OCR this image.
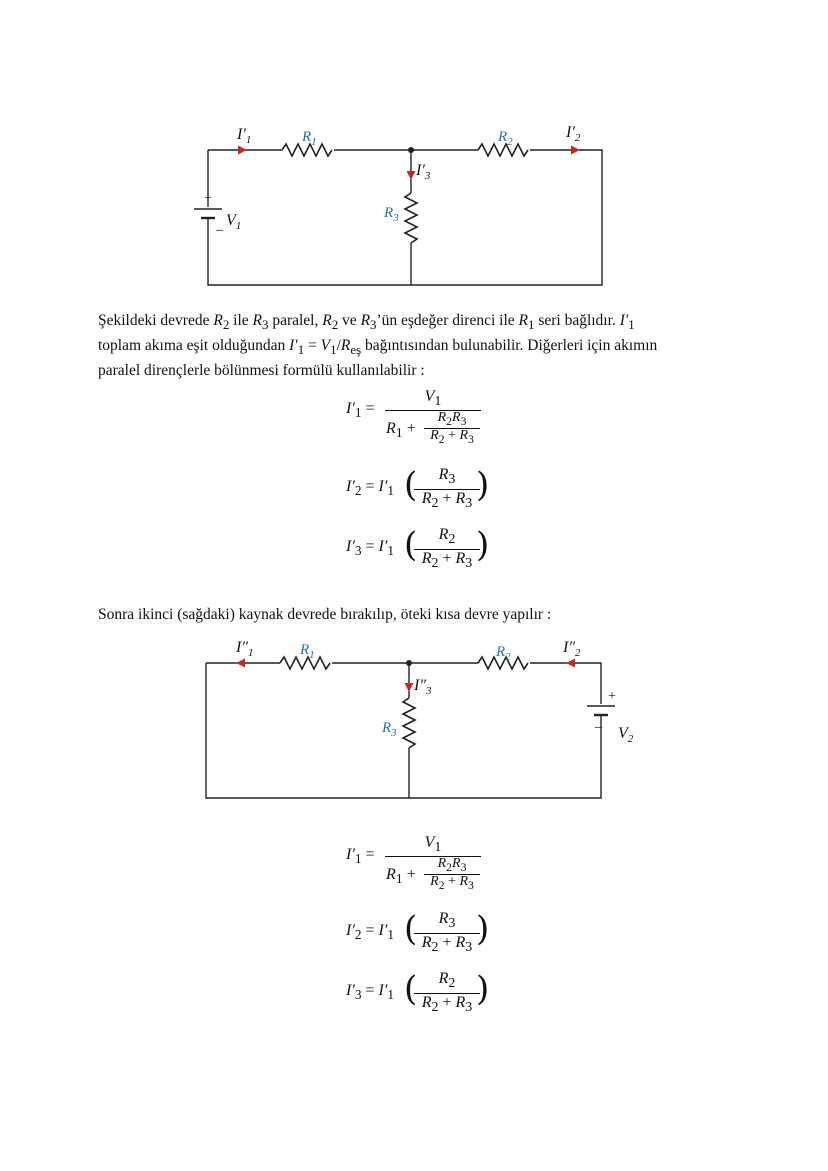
$I'_1$	$R_1$	$R_2$
$I'_2$
$I'_3$
$R_3$
+
_ $V_1$
Şekildeki devrede $R_2$ ile $R_3$ paralel, $R_2$ ve $R_3’ün$ eşdeğer direnci ile $R_1$ seri bağlıdır. $I'_1$
toplam akıma eşit olduğundan $I'_1 = V_1/R_{eş}$ bağıntısından bulunabilir. Diğerleri için akımın
paralel dirençlerle bölünmesi formülü kullanılabilir :
$I'_1$ =
$V_1$
$R_1$ +
$R_2R_3$
$R_2 + R_3$
$I'_2 = I'_1$ (	$R_3$
$R_2 + R_3$ )
$I'_3 = I'_1$ (	$R_2$
$R_2 + R_3$ )
Sonra ikinci (sağdaki) kaynak devrede bırakılıp, öteki kısa devre yapılır :
$I''_1$	$R_1$	$R_2$
$I''_2$
$I''_3$
$R_3$
+
_
$V_2$
$I'_1$ =
$V_1$
$R_1$ +
$R_2R_3$
$R_2 + R_3$
$I'_2 = I'_1$ (	$R_3$
$R_2 + R_3$ )
$I'_3 = I'_1$ (	$R_2$
$R_2 + R_3$ )
